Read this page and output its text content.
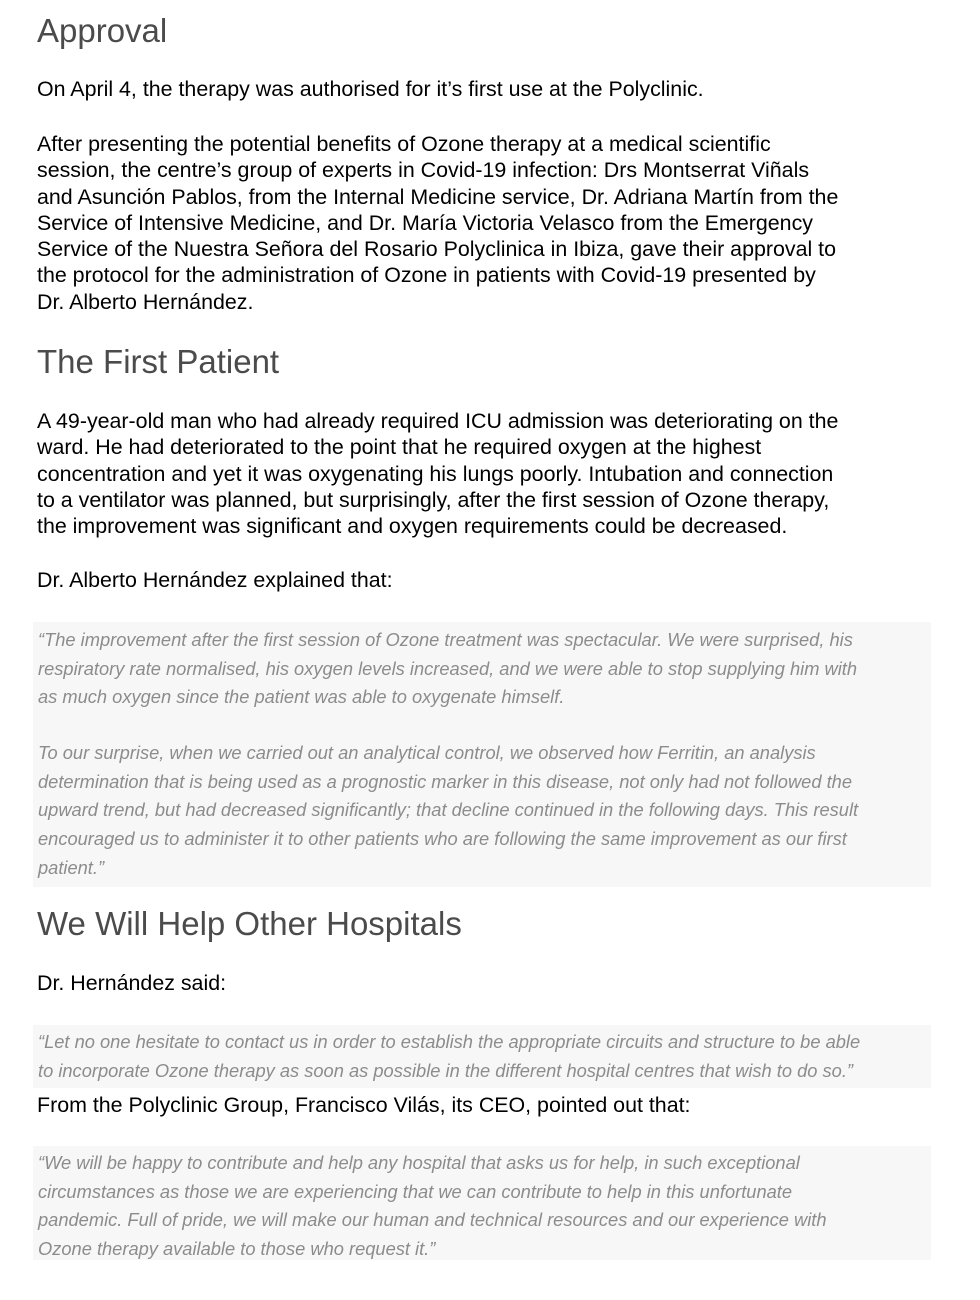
Approval

On April 4, the therapy was authorised for it’s first use at the Polyclinic.

After presenting the potential benefits of Ozone therapy at a medical scientific
session, the centre’s group of experts in Covid-19 infection: Drs Montserrat Viñals
and Asunción Pablos, from the Internal Medicine service, Dr. Adriana Martín from the
Service of Intensive Medicine, and Dr. María Victoria Velasco from the Emergency
Service of the Nuestra Señora del Rosario Polyclinica in Ibiza, gave their approval to
the protocol for the administration of Ozone in patients with Covid-19 presented by
Dr. Alberto Hernández.

The First Patient

A 49-year-old man who had already required ICU admission was deteriorating on the
ward. He had deteriorated to the point that he required oxygen at the highest
concentration and yet it was oxygenating his lungs poorly. Intubation and connection
to a ventilator was planned, but surprisingly, after the first session of Ozone therapy,
the improvement was significant and oxygen requirements could be decreased.

Dr. Alberto Hernández explained that:

“The improvement after the first session of Ozone treatment was spectacular. We were surprised, his
respiratory rate normalised, his oxygen levels increased, and we were able to stop supplying him with
as much oxygen since the patient was able to oxygenate himself.

To our surprise, when we carried out an analytical control, we observed how Ferritin, an analysis
determination that is being used as a prognostic marker in this disease, not only had not followed the
upward trend, but had decreased significantly; that decline continued in the following days. This result
encouraged us to administer it to other patients who are following the same improvement as our first
patient.”

We Will Help Other Hospitals

Dr. Hernández said:

“Let no one hesitate to contact us in order to establish the appropriate circuits and structure to be able
to incorporate Ozone therapy as soon as possible in the different hospital centres that wish to do so.”

From the Polyclinic Group, Francisco Vilás, its CEO, pointed out that:

“We will be happy to contribute and help any hospital that asks us for help, in such exceptional
circumstances as those we are experiencing that we can contribute to help in this unfortunate
pandemic. Full of pride, we will make our human and technical resources and our experience with
Ozone therapy available to those who request it.”
